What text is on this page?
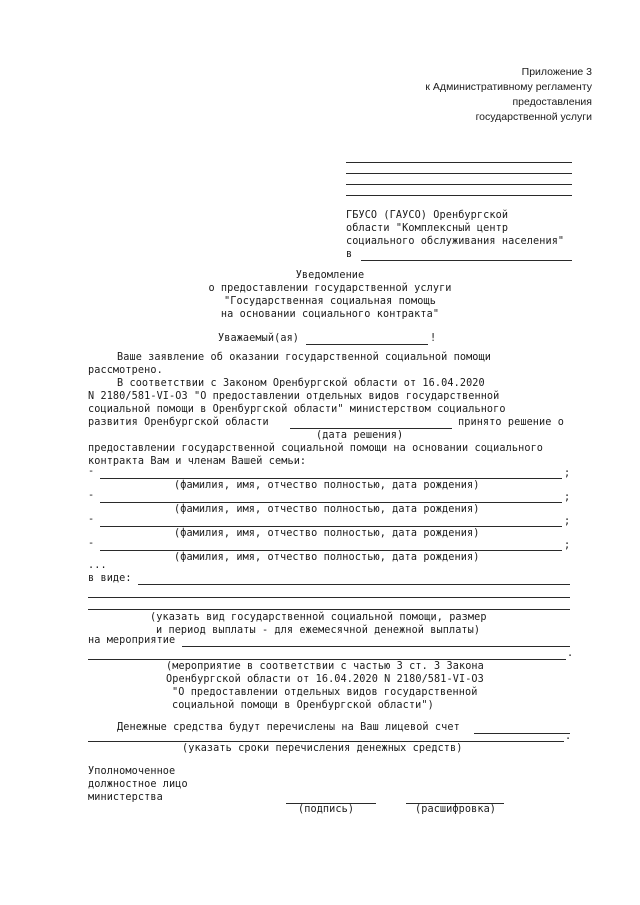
Приложение 3
к Административному регламенту
предоставления
государственной услуги
ГБУСО (ГАУСО) Оренбургской
области "Комплексный центр
социального обслуживания населения"
в
Уведомление
о предоставлении государственной услуги
"Государственная социальная помощь
на основании социального контракта"
Уважаемый(ая)	!
Ваше заявление об оказании государственной социальной помощи
рассмотрено.
В соответствии с Законом Оренбургской области от 16.04.2020
N 2180/581-VI-ОЗ "О предоставлении отдельных видов государственной
социальной помощи в Оренбургской области" министерством социального
развития Оренбургской области	принято решение о
(дата решения)
предоставлении государственной социальной помощи на основании социального
контракта Вам и членам Вашей семьи:
-	;
(фамилия, имя, отчество полностью, дата рождения)
-	;
(фамилия, имя, отчество полностью, дата рождения)
-	;
(фамилия, имя, отчество полностью, дата рождения)
-	;
(фамилия, имя, отчество полностью, дата рождения)
...
в виде:
(указать вид государственной социальной помощи, размер
и период выплаты - для ежемесячной денежной выплаты)
на мероприятие
.
(мероприятие в соответствии с частью 3 ст. 3 Закона
Оренбургской области от 16.04.2020 N 2180/581-VI-ОЗ
"О предоставлении отдельных видов государственной
социальной помощи в Оренбургской области")
Денежные средства будут перечислены на Ваш лицевой счет
.
(указать сроки перечисления денежных средств)
Уполномоченное
должностное лицо
министерства
(подпись)	(расшифровка)
